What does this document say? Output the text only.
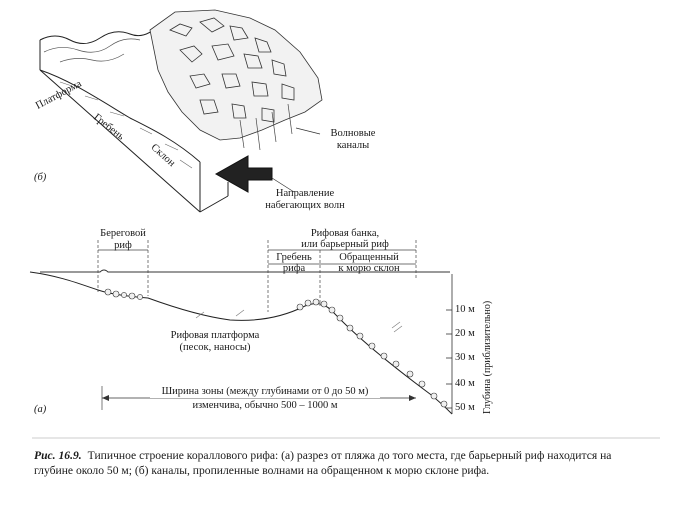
Платформа
Гребень
Склон
Волновые
каналы
Направление
набегающих волн
(б)
Береговой
риф
Рифовая банка,
или барьерный риф
Гребень
рифа
Обращенный
к морю склон
Рифовая платформа
(песок, наносы)
Ширина зоны (между глубинами от 0 до 50 м)
изменчива, обычно 500 – 1000 м
(а)
10 м
20 м
30 м
40 м
50 м Глубина (приблизительно)

Рис. 16.9. Типичное строение кораллового рифа: (а) разрез от пляжа до того места, где барьерный риф находится на глубине около 50 м; (б) каналы, пропиленные волнами на обращенном к морю склоне рифа.
